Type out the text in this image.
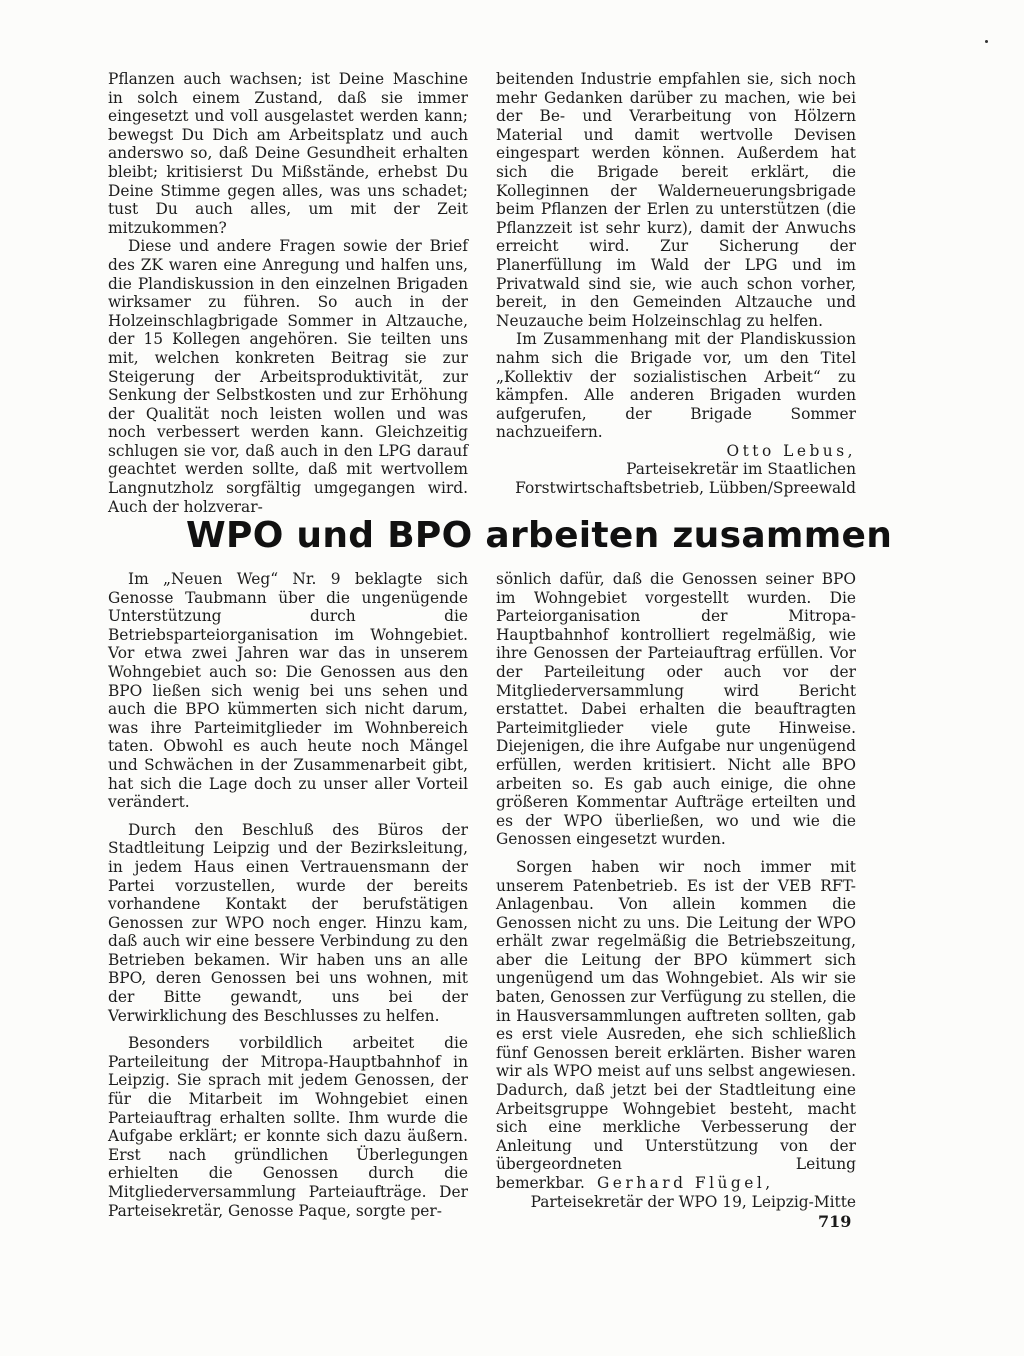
Pflanzen auch wachsen; ist Deine Maschine in solch einem Zustand, daß sie immer eingesetzt und voll ausgelastet werden kann; bewegst Du Dich am Arbeitsplatz und auch anderswo so, daß Deine Gesundheit erhalten bleibt; kritisierst Du Mißstände, erhebst Du Deine Stimme gegen alles, was uns schadet; tust Du auch alles, um mit der Zeit mitzukommen?

Diese und andere Fragen sowie der Brief des ZK waren eine Anregung und halfen uns, die Plandiskussion in den einzelnen Brigaden wirksamer zu führen. So auch in der Holzeinschlagbrigade Sommer in Altzauche, der 15 Kollegen angehören. Sie teilten uns mit, welchen konkreten Beitrag sie zur Steigerung der Arbeitsproduktivität, zur Senkung der Selbstkosten und zur Erhöhung der Qualität noch leisten wollen und was noch verbessert werden kann. Gleichzeitig schlugen sie vor, daß auch in den LPG darauf geachtet werden sollte, daß mit wertvollem Langnutzholz sorgfältig umgegangen wird. Auch der holzverar-

beitenden Industrie empfahlen sie, sich noch mehr Gedanken darüber zu machen, wie bei der Be- und Verarbeitung von Hölzern Material und damit wertvolle Devisen eingespart werden können. Außerdem hat sich die Brigade bereit erklärt, die Kolleginnen der Walderneuerungsbrigade beim Pflanzen der Erlen zu unterstützen (die Pflanzzeit ist sehr kurz), damit der Anwuchs erreicht wird. Zur Sicherung der Planerfüllung im Wald der LPG und im Privatwald sind sie, wie auch schon vorher, bereit, in den Gemeinden Altzauche und Neuzauche beim Holzeinschlag zu helfen.

Im Zusammenhang mit der Plandiskussion nahm sich die Brigade vor, um den Titel „Kollektiv der sozialistischen Arbeit“ zu kämpfen. Alle anderen Brigaden wurden aufgerufen, der Brigade Sommer nachzueifern.

Otto Lebus,

Parteisekretär im Staatlichen Forstwirtschaftsbetrieb, Lübben/Spreewald

WPO und BPO arbeiten zusammen

Im „Neuen Weg“ Nr. 9 beklagte sich Genosse Taubmann über die ungenügende Unterstützung durch die Betriebsparteiorganisation im Wohngebiet. Vor etwa zwei Jahren war das in unserem Wohngebiet auch so: Die Genossen aus den BPO ließen sich wenig bei uns sehen und auch die BPO kümmerten sich nicht darum, was ihre Parteimitglieder im Wohnbereich taten. Obwohl es auch heute noch Mängel und Schwächen in der Zusammenarbeit gibt, hat sich die Lage doch zu unser aller Vorteil verändert.

Durch den Beschluß des Büros der Stadtleitung Leipzig und der Bezirksleitung, in jedem Haus einen Vertrauensmann der Partei vorzustellen, wurde der bereits vorhandene Kontakt der berufstätigen Genossen zur WPO noch enger. Hinzu kam, daß auch wir eine bessere Verbindung zu den Betrieben bekamen. Wir haben uns an alle BPO, deren Genossen bei uns wohnen, mit der Bitte gewandt, uns bei der Verwirklichung des Beschlusses zu helfen.

Besonders vorbildlich arbeitet die Parteileitung der Mitropa-Hauptbahnhof in Leipzig. Sie sprach mit jedem Genossen, der für die Mitarbeit im Wohngebiet einen Parteiauftrag erhalten sollte. Ihm wurde die Aufgabe erklärt; er konnte sich dazu äußern. Erst nach gründlichen Überlegungen erhielten die Genossen durch die Mitgliederversammlung Parteiaufträge. Der Parteisekretär, Genosse Paque, sorgte per-

sönlich dafür, daß die Genossen seiner BPO im Wohngebiet vorgestellt wurden. Die Parteiorganisation der Mitropa-Hauptbahnhof kontrolliert regelmäßig, wie ihre Genossen der Parteiauftrag erfüllen. Vor der Parteileitung oder auch vor der Mitgliederversammlung wird Bericht erstattet. Dabei erhalten die beauftragten Parteimitglieder viele gute Hinweise. Diejenigen, die ihre Aufgabe nur ungenügend erfüllen, werden kritisiert. Nicht alle BPO arbeiten so. Es gab auch einige, die ohne größeren Kommentar Aufträge erteilten und es der WPO überließen, wo und wie die Genossen eingesetzt wurden.

Sorgen haben wir noch immer mit unserem Patenbetrieb. Es ist der VEB RFT-Anlagenbau. Von allein kommen die Genossen nicht zu uns. Die Leitung der WPO erhält zwar regelmäßig die Betriebszeitung, aber die Leitung der BPO kümmert sich ungenügend um das Wohngebiet. Als wir sie baten, Genossen zur Verfügung zu stellen, die in Hausversammlungen auftreten sollten, gab es erst viele Ausreden, ehe sich schließlich fünf Genossen bereit erklärten. Bisher waren wir als WPO meist auf uns selbst angewiesen. Dadurch, daß jetzt bei der Stadtleitung eine Arbeitsgruppe Wohngebiet besteht, macht sich eine merkliche Verbesserung der Anleitung und Unterstützung von der übergeordneten Leitung bemerkbar. Gerhard Flügel,

Parteisekretär der WPO 19, Leipzig-Mitte

719
